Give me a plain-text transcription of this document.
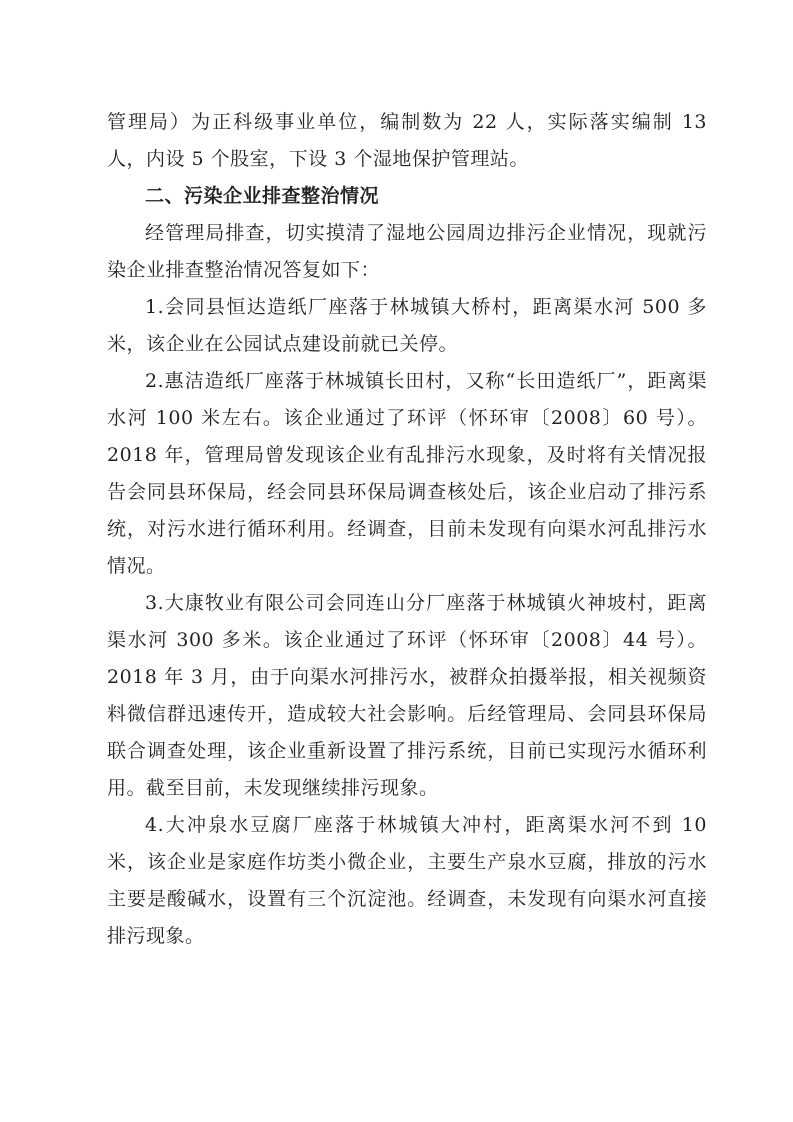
管理局）为正科级事业单位，编制数为 22 人，实际落实编制 13 人，内设 5 个股室，下设 3 个湿地保护管理站。

二、污染企业排查整治情况

经管理局排查，切实摸清了湿地公园周边排污企业情况，现就污染企业排查整治情况答复如下：

1.会同县恒达造纸厂座落于林城镇大桥村，距离渠水河 500 多米，该企业在公园试点建设前就已关停。

2.惠洁造纸厂座落于林城镇长田村，又称“长田造纸厂”，距离渠水河 100 米左右。该企业通过了环评（怀环审〔2008〕60 号）。2018 年，管理局曾发现该企业有乱排污水现象，及时将有关情况报告会同县环保局，经会同县环保局调查核处后，该企业启动了排污系统，对污水进行循环利用。经调查，目前未发现有向渠水河乱排污水情况。

3.大康牧业有限公司会同连山分厂座落于林城镇火神坡村，距离渠水河 300 多米。该企业通过了环评（怀环审〔2008〕44 号）。2018 年 3 月，由于向渠水河排污水，被群众拍摄举报，相关视频资料微信群迅速传开，造成较大社会影响。后经管理局、会同县环保局联合调查处理，该企业重新设置了排污系统，目前已实现污水循环利用。截至目前，未发现继续排污现象。

4.大冲泉水豆腐厂座落于林城镇大冲村，距离渠水河不到 10 米，该企业是家庭作坊类小微企业，主要生产泉水豆腐，排放的污水主要是酸碱水，设置有三个沉淀池。经调查，未发现有向渠水河直接排污现象。
